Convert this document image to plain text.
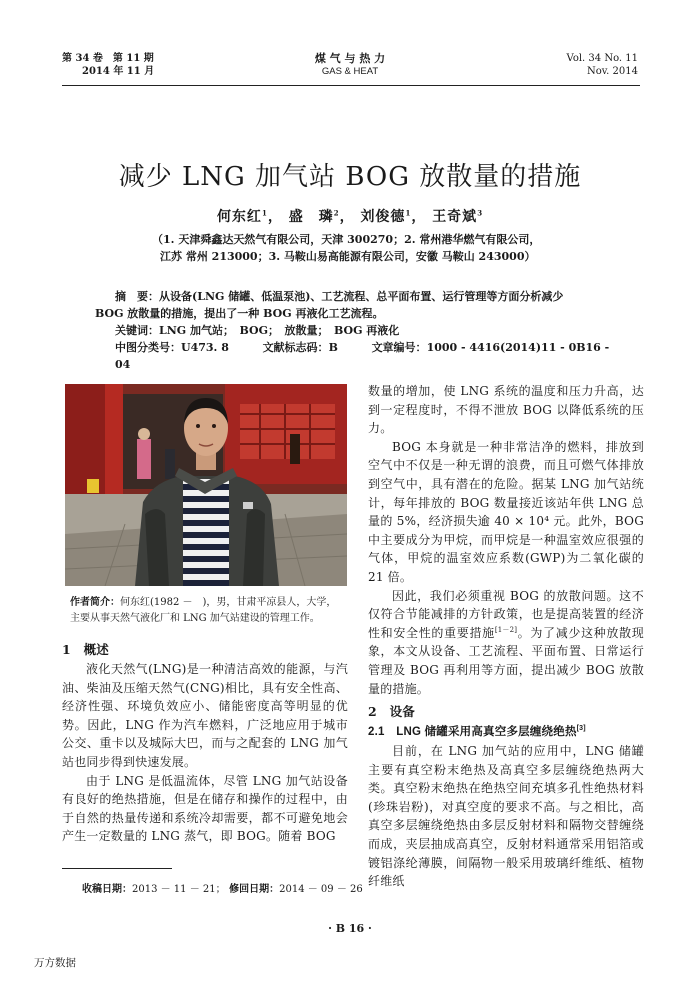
第 34 卷　第 11 期
2014 年 11 月
煤 气 与 热 力
GAS & HEAT
Vol. 34 No. 11
Nov. 2014
减少 LNG 加气站 BOG 放散量的措施
何东红$^1$， 盛　璘$^2$， 刘俊德$^1$， 王奇斌$^3$
（1. 天津舜鑫达天然气有限公司，天津 300270；2. 常州港华燃气有限公司，
江苏 常州 213000；3. 马鞍山易高能源有限公司，安徽 马鞍山 243000）
摘　要：从设备(LNG 储罐、低温泵池)、工艺流程、总平面布置、运行管理等方面分析减少
BOG 放散量的措施，提出了一种 BOG 再液化工艺流程。
关键词：LNG 加气站；　BOG；　放散量；　BOG 再液化
中图分类号：U473. 8	文献标志码：B	文章编号：1000 - 4416(2014)11 - 0B16 - 04
作者简介：何东红(1982 －　)，男，甘肃平凉县人，大学，
主要从事天然气液化厂和 LNG 加气站建设的管理工作。
1　概述

液化天然气(LNG)是一种清洁高效的能源，与汽油、柴油及压缩天然气(CNG)相比，具有安全性高、经济性强、环境负效应小、储能密度高等明显的优势。因此，LNG 作为汽车燃料，广泛地应用于城市公交、重卡以及城际大巴，而与之配套的 LNG 加气站也同步得到快速发展。

由于 LNG 是低温流体，尽管 LNG 加气站设备有良好的绝热措施，但是在储存和操作的过程中，由于自然的热量传递和系统冷却需要，都不可避免地会产生一定数量的 LNG 蒸气，即 BOG。随着 BOG

数量的增加，使 LNG 系统的温度和压力升高，达到一定程度时，不得不泄放 BOG 以降低系统的压力。

BOG 本身就是一种非常洁净的燃料，排放到空气中不仅是一种无谓的浪费，而且可燃气体排放到空气中，具有潜在的危险。据某 LNG 加气站统计，每年排放的 BOG 数量接近该站年供 LNG 总量的 5%，经济损失逾 40 × 10⁴ 元。此外，BOG 中主要成分为甲烷，而甲烷是一种温室效应很强的气体，甲烷的温室效应系数(GWP)为二氧化碳的 21 倍。

因此，我们必须重视 BOG 的放散问题。这不仅符合节能减排的方针政策，也是提高装置的经济性和安全性的重要措施[1－2]。为了减少这种放散现象，本文从设备、工艺流程、平面布置、日常运行管理及 BOG 再利用等方面，提出减少 BOG 放散量的措施。

2　设备
2.1　LNG 储罐采用高真空多层缠绕绝热[3]

目前，在 LNG 加气站的应用中，LNG 储罐主要有真空粉末绝热及高真空多层缠绕绝热两大类。真空粉末绝热在绝热空间充填多孔性绝热材料(珍珠岩粉)，对真空度的要求不高。与之相比，高真空多层缠绕绝热由多层反射材料和隔物交替缠绕而成，夹层抽成高真空，反射材料通常采用铝箔或镀铝涤纶薄膜，间隔物一般采用玻璃纤维纸、植物纤维纸

收稿日期：2013 － 11 － 21； 修回日期：2014 － 09 － 26
· B 16 ·
万方数据
